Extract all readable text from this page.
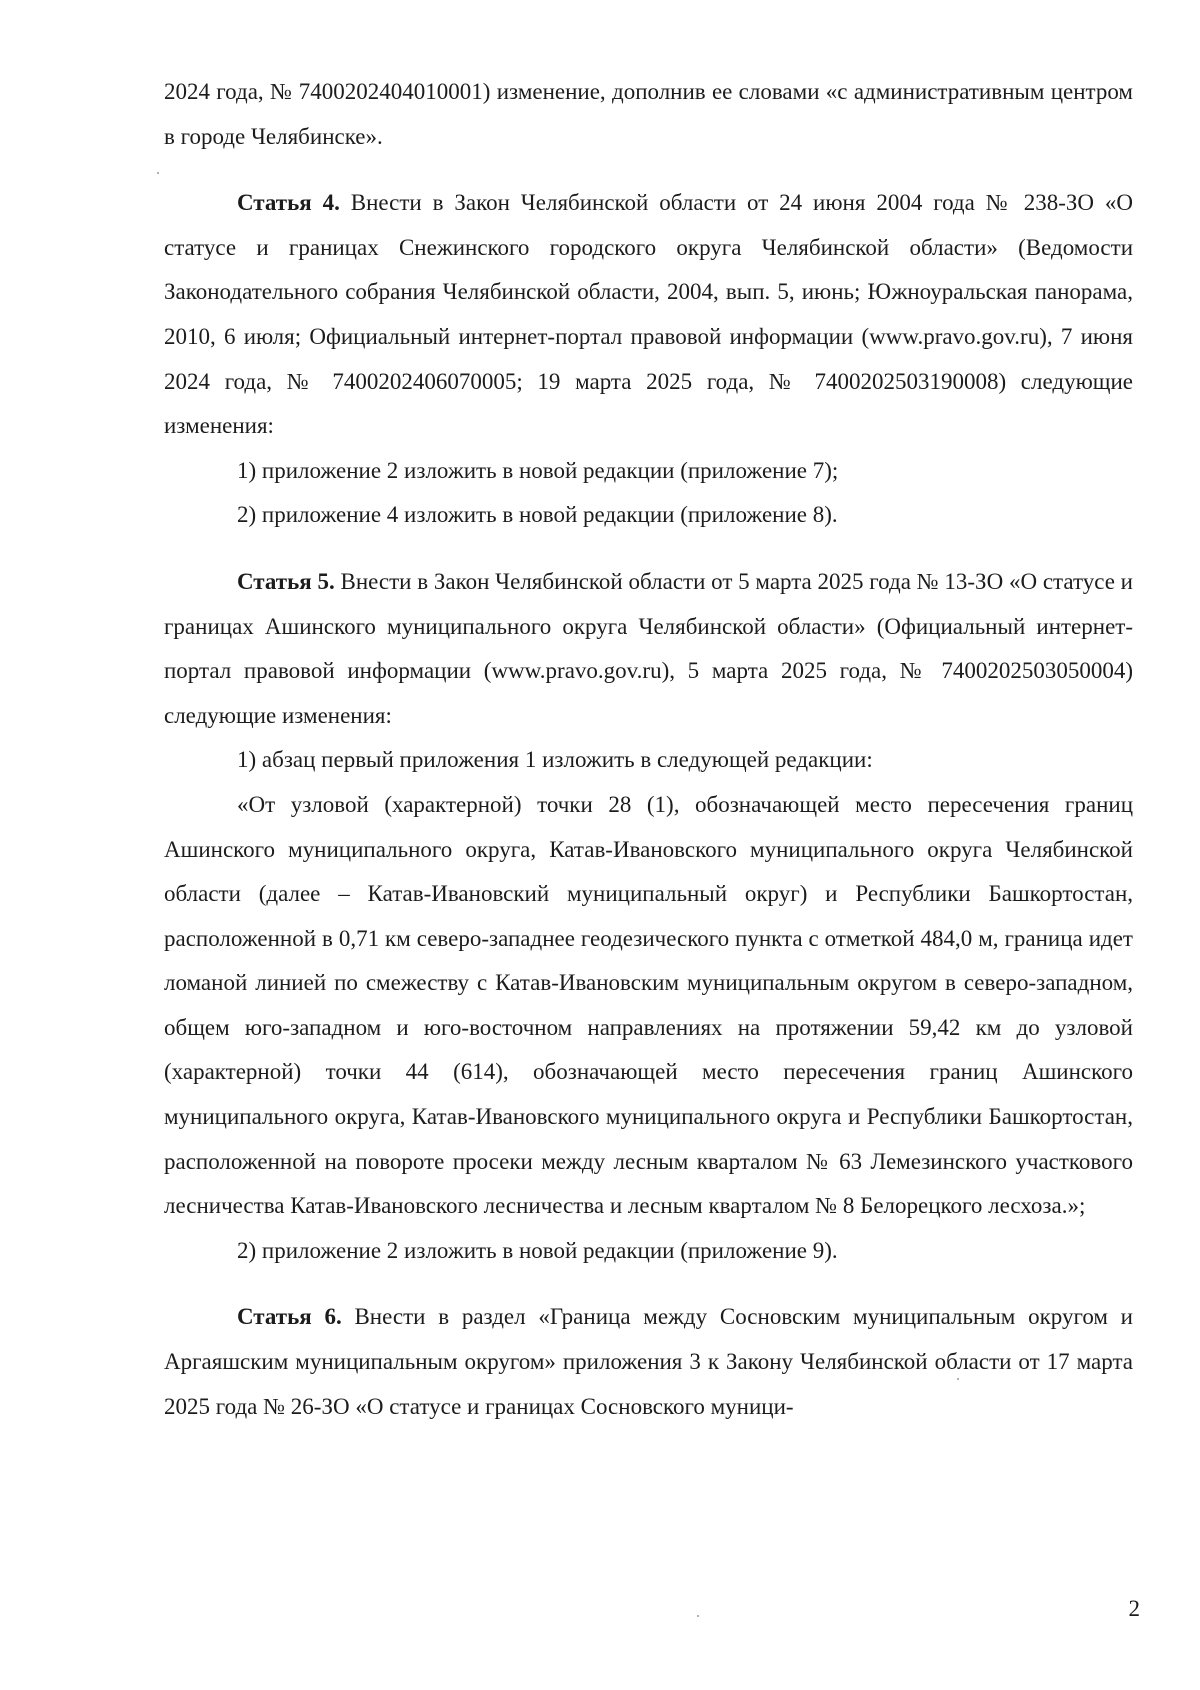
2024 года, № 7400202404010001) изменение, дополнив ее словами «с административным центром в городе Челябинске».

Статья 4. Внести в Закон Челябинской области от 24 июня 2004 года № 238-ЗО «О статусе и границах Снежинского городского округа Челябинской области» (Ведомости Законодательного собрания Челябинской области, 2004, вып. 5, июнь; Южноуральская панорама, 2010, 6 июля; Официальный интернет-портал правовой информации (www.pravo.gov.ru), 7 июня 2024 года, № 7400202406070005; 19 марта 2025 года, № 7400202503190008) следующие изменения:

1) приложение 2 изложить в новой редакции (приложение 7);

2) приложение 4 изложить в новой редакции (приложение 8).

Статья 5. Внести в Закон Челябинской области от 5 марта 2025 года № 13-ЗО «О статусе и границах Ашинского муниципального округа Челябинской области» (Официальный интернет-портал правовой информации (www.pravo.gov.ru), 5 марта 2025 года, № 7400202503050004) следующие изменения:

1) абзац первый приложения 1 изложить в следующей редакции:

«От узловой (характерной) точки 28 (1), обозначающей место пересечения границ Ашинского муниципального округа, Катав-Ивановского муниципального округа Челябинской области (далее – Катав-Ивановский муниципальный округ) и Республики Башкортостан, расположенной в 0,71 км северо-западнее геодезического пункта с отметкой 484,0 м, граница идет ломаной линией по смежеству с Катав-Ивановским муниципальным округом в северо-западном, общем юго-западном и юго-восточном направлениях на протяжении 59,42 км до узловой (характерной) точки 44 (614), обозначающей место пересечения границ Ашинского муниципального округа, Катав-Ивановского муниципального округа и Республики Башкортостан, расположенной на повороте просеки между лесным кварталом № 63 Лемезинского участкового лесничества Катав-Ивановского лесничества и лесным кварталом № 8 Белорецкого лесхоза.»;

2) приложение 2 изложить в новой редакции (приложение 9).

Статья 6. Внести в раздел «Граница между Сосновским муниципальным округом и Аргаяшским муниципальным округом» приложения 3 к Закону Челябинской области от 17 марта 2025 года № 26-ЗО «О статусе и границах Сосновского муници-

2
